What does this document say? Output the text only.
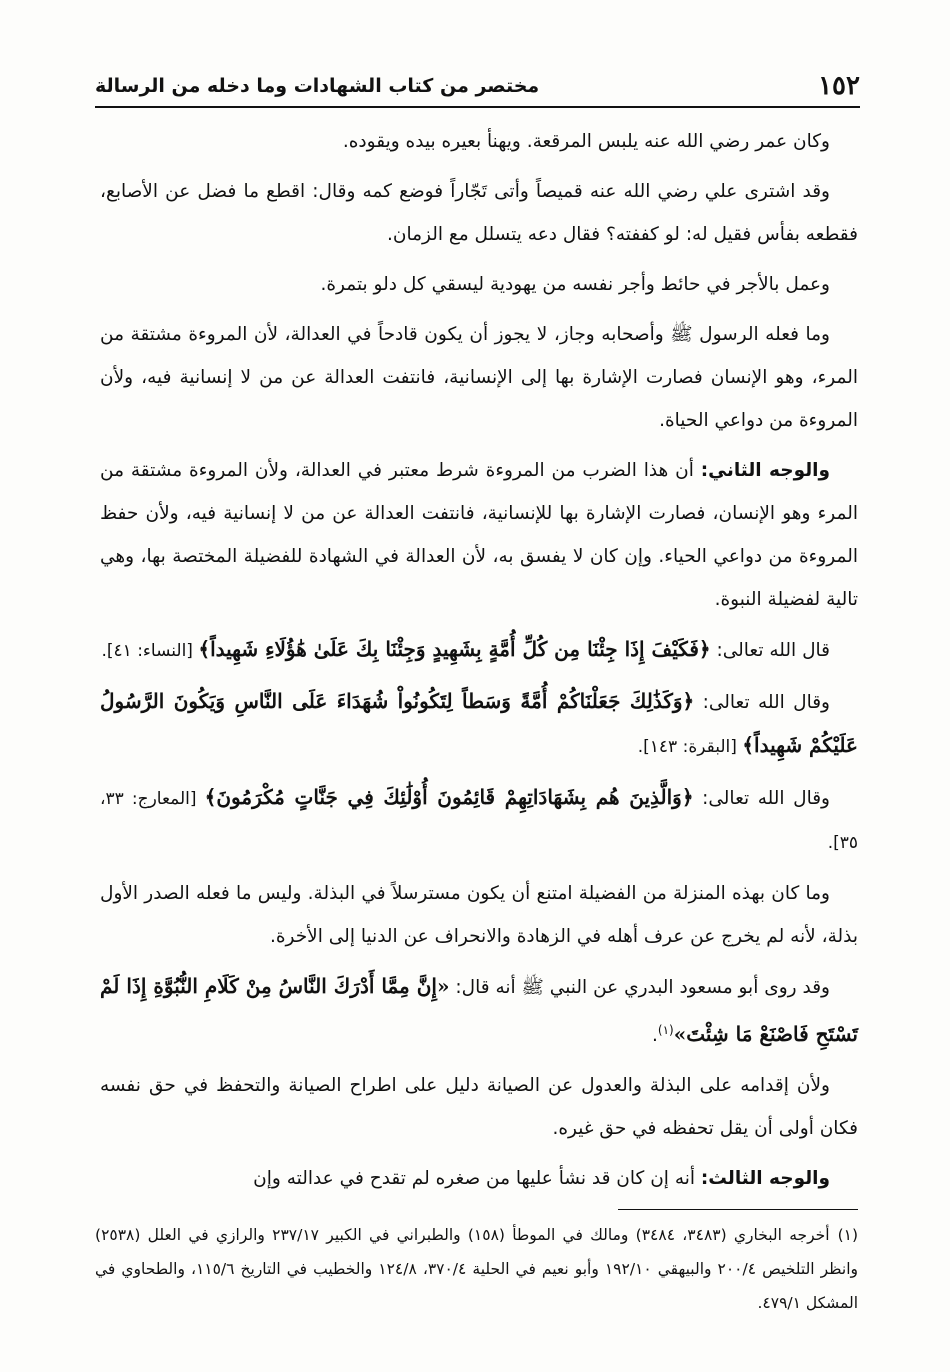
١٥٢
مختصر من كتاب الشهادات وما دخله من الرسالة

وكان عمر رضي الله عنه يلبس المرقعة. ويهنأ بعيره بيده ويقوده.

وقد اشترى علي رضي الله عنه قميصاً وأتى تَجّاراً فوضع كمه وقال: اقطع ما فضل عن الأصابع، فقطعه بفأس فقيل له: لو كففته؟ فقال دعه يتسلل مع الزمان.

وعمل بالأجر في حائط وأجر نفسه من يهودية ليسقي كل دلو بتمرة.

وما فعله الرسول ﷺ وأصحابه وجاز، لا يجوز أن يكون قادحاً في العدالة، لأن المروءة مشتقة من المرء، وهو الإنسان فصارت الإشارة بها إلى الإنسانية، فانتفت العدالة عن من لا إنسانية فيه، ولأن المروءة من دواعي الحياة.

والوجه الثاني: أن هذا الضرب من المروءة شرط معتبر في العدالة، ولأن المروءة مشتقة من المرء وهو الإنسان، فصارت الإشارة بها للإنسانية، فانتفت العدالة عن من لا إنسانية فيه، ولأن حفظ المروءة من دواعي الحياء. وإن كان لا يفسق به، لأن العدالة في الشهادة للفضيلة المختصة بها، وهي تالية لفضيلة النبوة.

قال الله تعالى: ﴿فَكَيْفَ إِذَا جِئْنَا مِن كُلِّ أُمَّةٍ بِشَهِيدٍ وَجِئْنَا بِكَ عَلَىٰ هَٰؤُلَاءِ شَهِيداً﴾ [النساء: ٤١].

وقال الله تعالى: ﴿وَكَذَٰلِكَ جَعَلْنَاكُمْ أُمَّةً وَسَطاً لِتَكُونُواْ شُهَدَاءَ عَلَى النَّاسِ وَيَكُونَ الرَّسُولُ عَلَيْكُمْ شَهِيداً﴾ [البقرة: ١٤٣].

وقال الله تعالى: ﴿وَالَّذِينَ هُم بِشَهَادَاتِهِمْ قَائِمُونَ أُوْلَٰئِكَ فِي جَنَّاتٍ مُكْرَمُونَ﴾ [المعارج: ٣٣، ٣٥].

وما كان بهذه المنزلة من الفضيلة امتنع أن يكون مسترسلاً في البذلة. وليس ما فعله الصدر الأول بذلة، لأنه لم يخرج عن عرف أهله في الزهادة والانحراف عن الدنيا إلى الأخرة.

وقد روى أبو مسعود البدري عن النبي ﷺ أنه قال: «إِنَّ مِمَّا أَدْرَكَ النَّاسُ مِنْ كَلَامِ النُّبُوَّةِ إِذَا لَمْ تَسْتَحِ فَاصْنَعْ مَا شِئْتَ»$^{(١)}$.

ولأن إقدامه على البذلة والعدول عن الصيانة دليل على اطراح الصيانة والتحفظ في حق نفسه فكان أولى أن يقل تحفظه في حق غيره.

والوجه الثالث: أنه إن كان قد نشأ عليها من صغره لم تقدح في عدالته وإن

(١)أخرجه البخاري (٣٤٨٣، ٣٤٨٤) ومالك في الموطأ (١٥٨) والطبراني في الكبير ٢٣٧/١٧ والرازي في العلل (٢٥٣٨) وانظر التلخيص ٢٠٠/٤ والبيهقي ١٩٢/١٠ وأبو نعيم في الحلية ٣٧٠/٤، ١٢٤/٨ والخطيب في التاريخ ١١٥/٦، والطحاوي في المشكل ٤٧٩/١.
